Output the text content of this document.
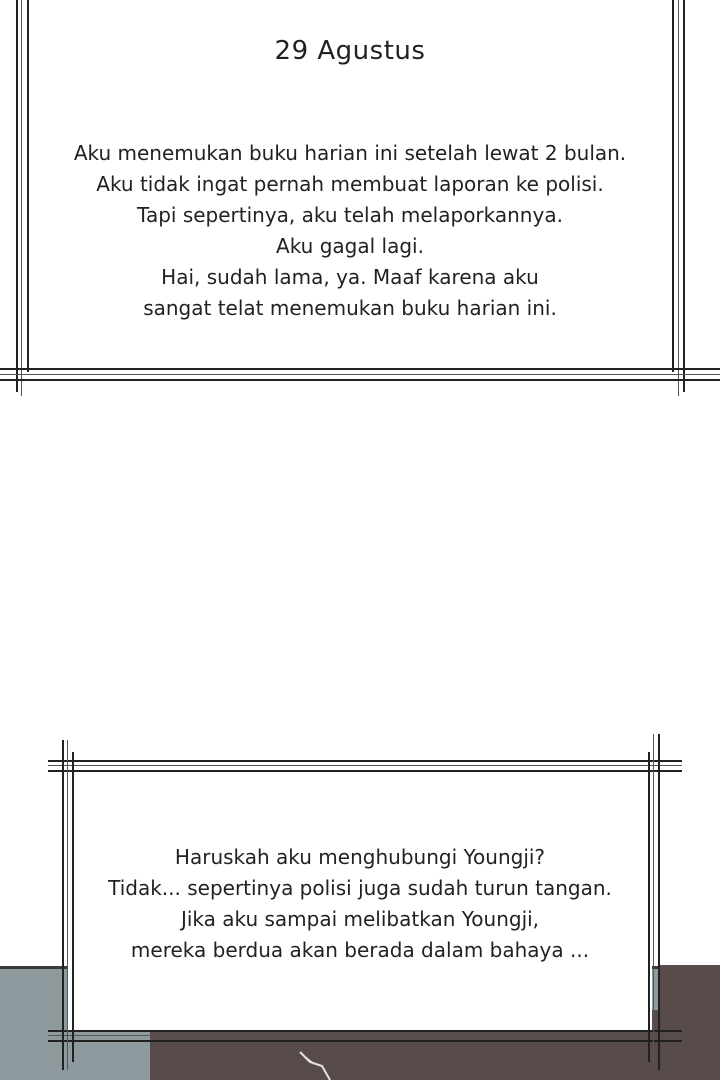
29 Agustus
Aku menemukan buku harian ini setelah lewat 2 bulan.
Aku tidak ingat pernah membuat laporan ke polisi.
Tapi sepertinya, aku telah melaporkannya.
Aku gagal lagi.
Hai, sudah lama, ya. Maaf karena aku
sangat telat menemukan buku harian ini.
Haruskah aku menghubungi Youngji?
Tidak... sepertinya polisi juga sudah turun tangan.
Jika aku sampai melibatkan Youngji,
mereka berdua akan berada dalam bahaya ...
